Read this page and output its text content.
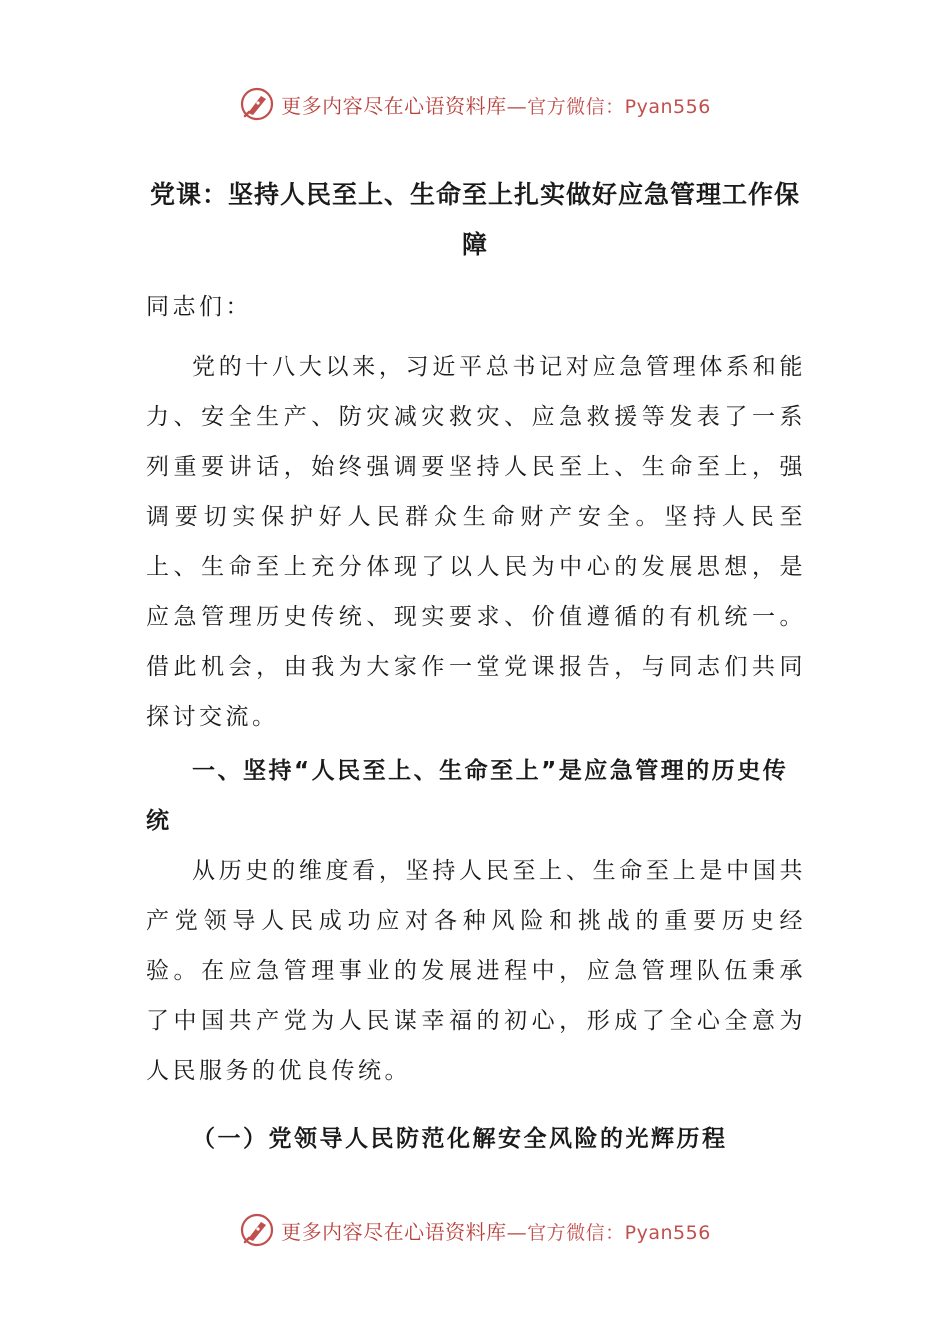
更多内容尽在心语资料库 — 官方微信：Pyan556
党课：坚持人民至上、生命至上扎实做好应急管理工作保障

同志们：

党的十八大以来，习近平总书记对应急管理体系和能力、安全生产、防灾减灾救灾、应急救援等发表了一系列重要讲话，始终强调要坚持人民至上、生命至上，强调要切实保护好人民群众生命财产安全。坚持人民至上、生命至上充分体现了以人民为中心的发展思想，是应急管理历史传统、现实要求、价值遵循的有机统一。借此机会，由我为大家作一堂党课报告，与同志们共同探讨交流。

一、坚持“人民至上、生命至上”是应急管理的历史传统

从历史的维度看，坚持人民至上、生命至上是中国共产党领导人民成功应对各种风险和挑战的重要历史经验。在应急管理事业的发展进程中，应急管理队伍秉承了中国共产党为人民谋幸福的初心，形成了全心全意为人民服务的优良传统。

（一）党领导人民防范化解安全风险的光辉历程

更多内容尽在心语资料库 — 官方微信：Pyan556
